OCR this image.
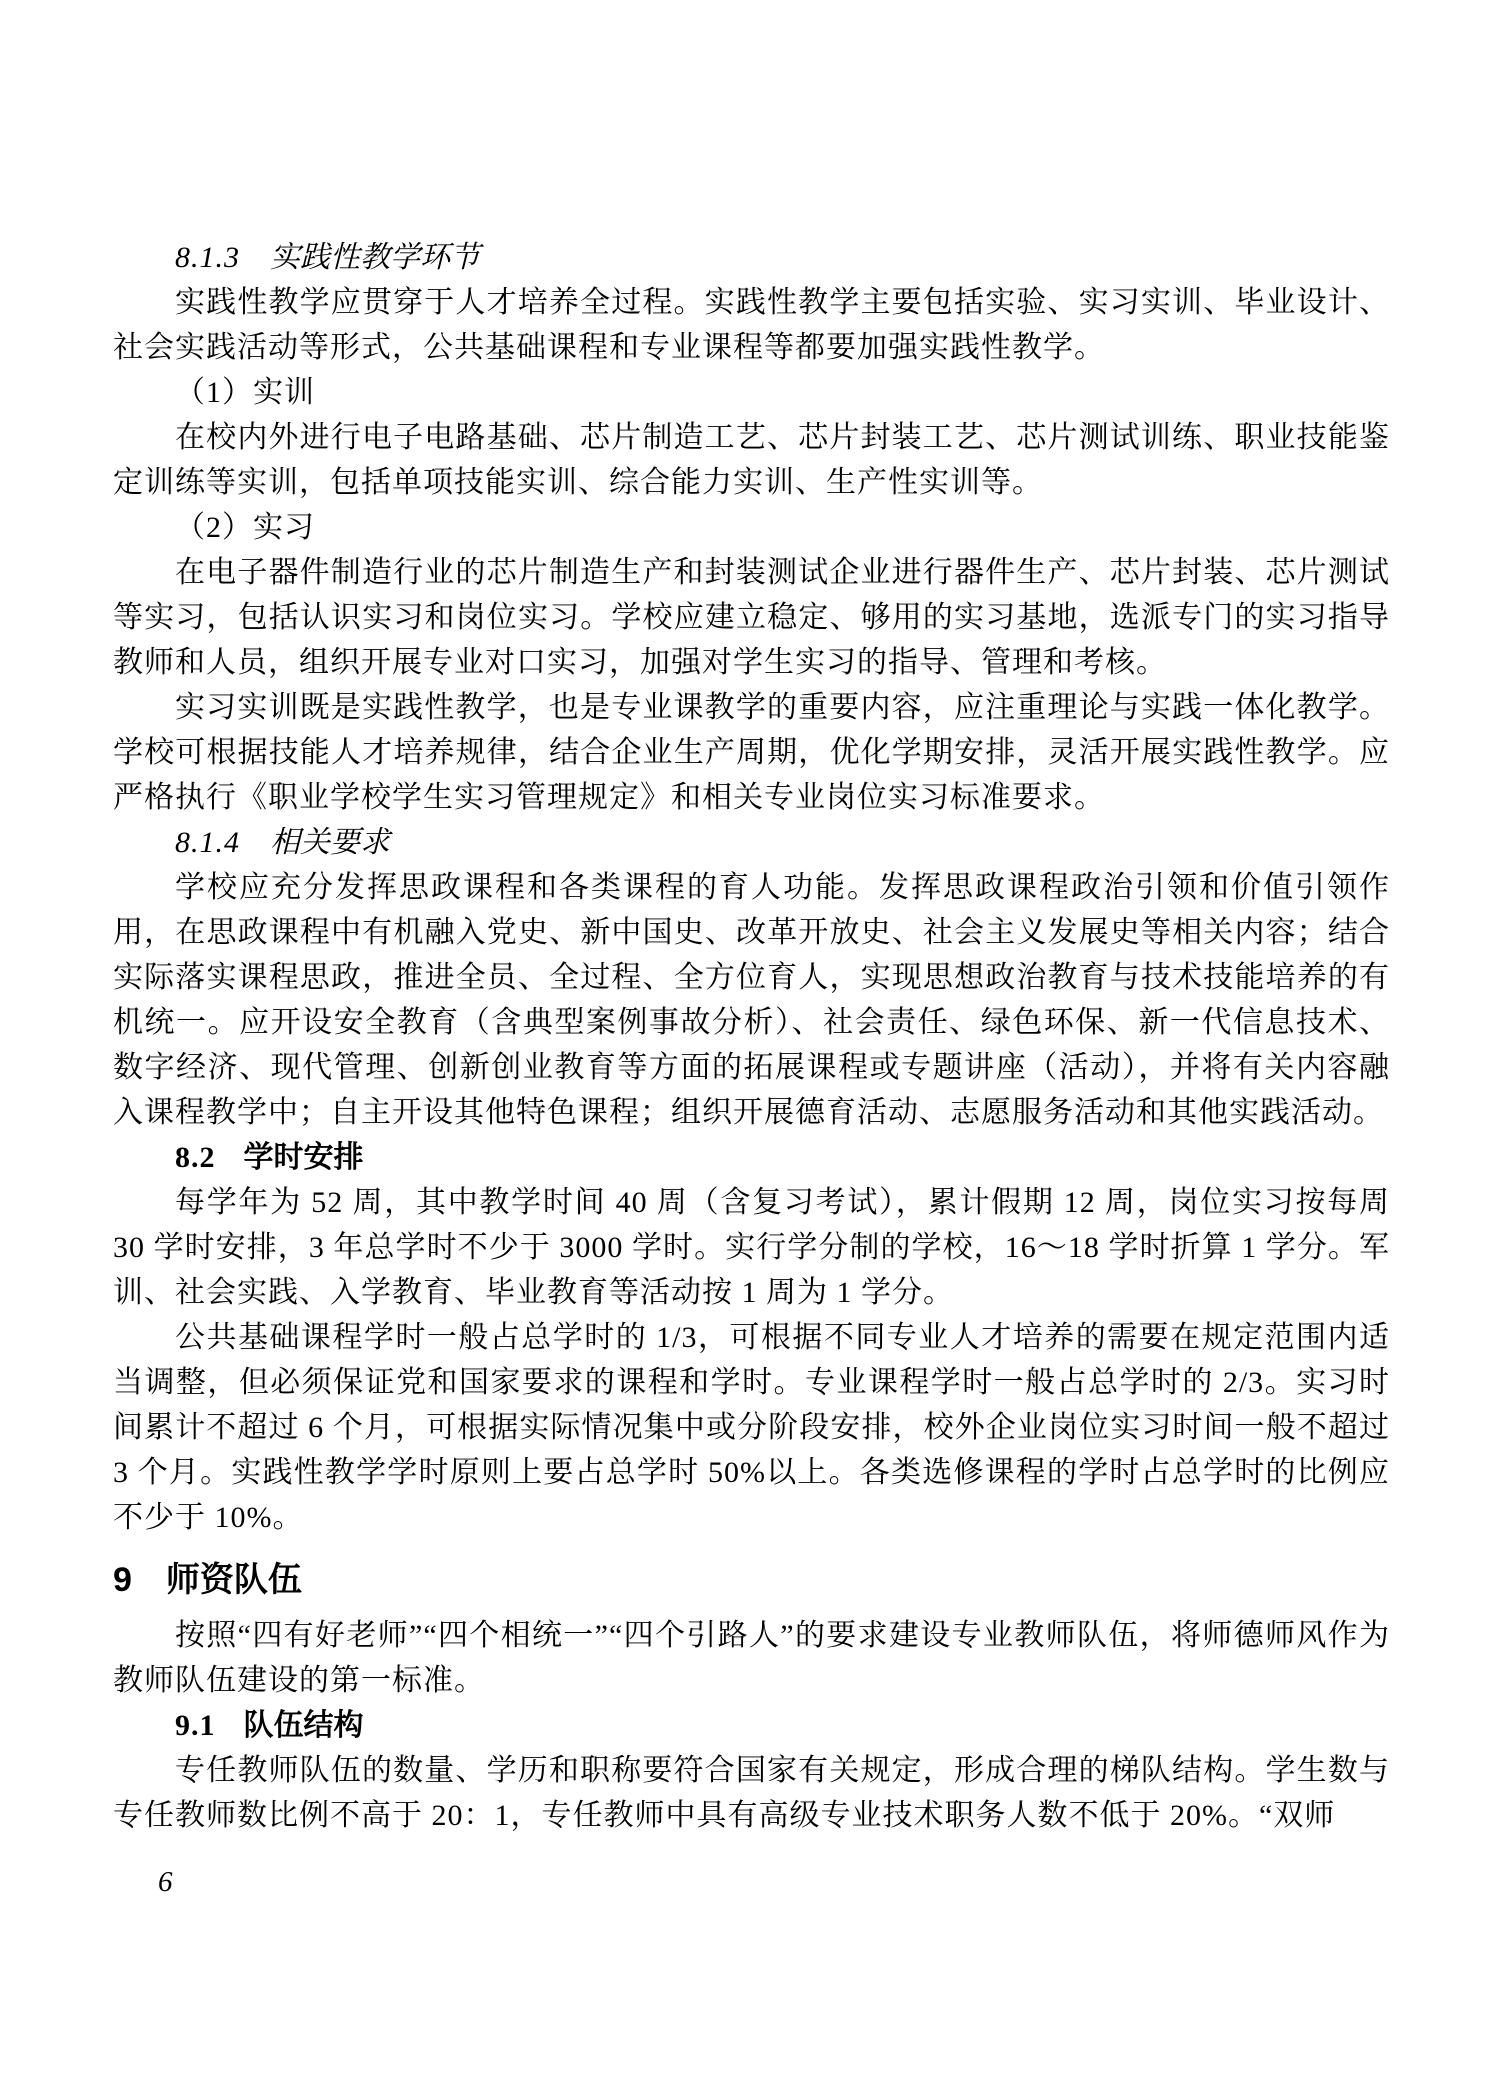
8.1.3 实践性教学环节

实践性教学应贯穿于人才培养全过程。实践性教学主要包括实验、实习实训、毕业设计、社会实践活动等形式，公共基础课程和专业课程等都要加强实践性教学。

（1）实训

在校内外进行电子电路基础、芯片制造工艺、芯片封装工艺、芯片测试训练、职业技能鉴定训练等实训，包括单项技能实训、综合能力实训、生产性实训等。

（2）实习

在电子器件制造行业的芯片制造生产和封装测试企业进行器件生产、芯片封装、芯片测试等实习，包括认识实习和岗位实习。学校应建立稳定、够用的实习基地，选派专门的实习指导教师和人员，组织开展专业对口实习，加强对学生实习的指导、管理和考核。

实习实训既是实践性教学，也是专业课教学的重要内容，应注重理论与实践一体化教学。学校可根据技能人才培养规律，结合企业生产周期，优化学期安排，灵活开展实践性教学。应严格执行《职业学校学生实习管理规定》和相关专业岗位实习标准要求。

8.1.4 相关要求

学校应充分发挥思政课程和各类课程的育人功能。发挥思政课程政治引领和价值引领作用，在思政课程中有机融入党史、新中国史、改革开放史、社会主义发展史等相关内容；结合实际落实课程思政，推进全员、全过程、全方位育人，实现思想政治教育与技术技能培养的有机统一。应开设安全教育（含典型案例事故分析）、社会责任、绿色环保、新一代信息技术、数字经济、现代管理、创新创业教育等方面的拓展课程或专题讲座（活动），并将有关内容融入课程教学中；自主开设其他特色课程；组织开展德育活动、志愿服务活动和其他实践活动。

8.2 学时安排

每学年为 52 周，其中教学时间 40 周（含复习考试），累计假期 12 周，岗位实习按每周 30 学时安排，3 年总学时不少于 3000 学时。实行学分制的学校，16～18 学时折算 1 学分。军训、社会实践、入学教育、毕业教育等活动按 1 周为 1 学分。

公共基础课程学时一般占总学时的 1/3，可根据不同专业人才培养的需要在规定范围内适当调整，但必须保证党和国家要求的课程和学时。专业课程学时一般占总学时的 2/3。实习时间累计不超过 6 个月，可根据实际情况集中或分阶段安排，校外企业岗位实习时间一般不超过 3 个月。实践性教学学时原则上要占总学时 50%以上。各类选修课程的学时占总学时的比例应不少于 10%。

9 师资队伍

按照“四有好老师”“四个相统一”“四个引路人”的要求建设专业教师队伍，将师德师风作为教师队伍建设的第一标准。

9.1 队伍结构

专任教师队伍的数量、学历和职称要符合国家有关规定，形成合理的梯队结构。学生数与专任教师数比例不高于 20：1，专任教师中具有高级专业技术职务人数不低于 20%。“双师

6
